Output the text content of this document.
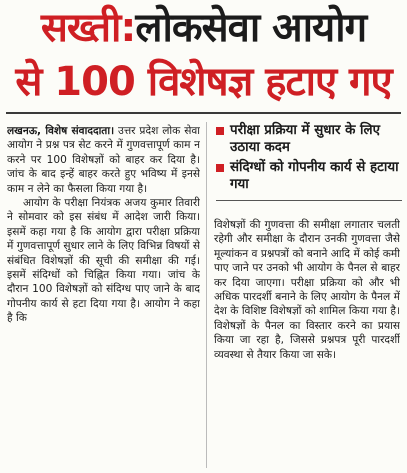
सख्ती:लोकसेवा आयोग
से 100 विशेषज्ञ हटाए गए

लखनऊ, विशेष संवाददाता। उत्तर प्रदेश लोक सेवा आयोग ने प्रश्न पत्र सेट करने में गुणवत्तापूर्ण काम न करने पर 100 विशेषज्ञों को बाहर कर दिया है। जांच के बाद इन्हें बाहर करते हुए भविष्य में इनसे काम न लेने का फैसला किया गया है।

आयोग के परीक्षा नियंत्रक अजय कुमार तिवारी ने सोमवार को इस संबंध में आदेश जारी किया। इसमें कहा गया है कि आयोग द्वारा परीक्षा प्रक्रिया में गुणवत्तापूर्ण सुधार लाने के लिए विभिन्न विषयों से संबंधित विशेषज्ञों की सूची की समीक्षा की गई। इसमें संदिग्धों को चिह्नित किया गया। जांच के दौरान 100 विशेषज्ञों को संदिग्ध पाए जाने के बाद गोपनीय कार्य से हटा दिया गया है। आयोग ने कहा है कि

परीक्षा प्रक्रिया में सुधार के लिए उठाया कदम
संदिग्धों को गोपनीय कार्य से हटाया गया

विशेषज्ञों की गुणवत्ता की समीक्षा लगातार चलती रहेगी और समीक्षा के दौरान उनकी गुणवत्ता जैसे मूल्यांकन व प्रश्नपत्रों को बनाने आदि में कोई कमी पाए जाने पर उनको भी आयोग के पैनल से बाहर कर दिया जाएगा। परीक्षा प्रक्रिया को और भी अधिक पारदर्शी बनाने के लिए आयोग के पैनल में देश के विशिष्ट विशेषज्ञों को शामिल किया गया है। विशेषज्ञों के पैनल का विस्तार करने का प्रयास किया जा रहा है, जिससे प्रश्नपत्र पूरी पारदर्शी व्यवस्था से तैयार किया जा सके।
